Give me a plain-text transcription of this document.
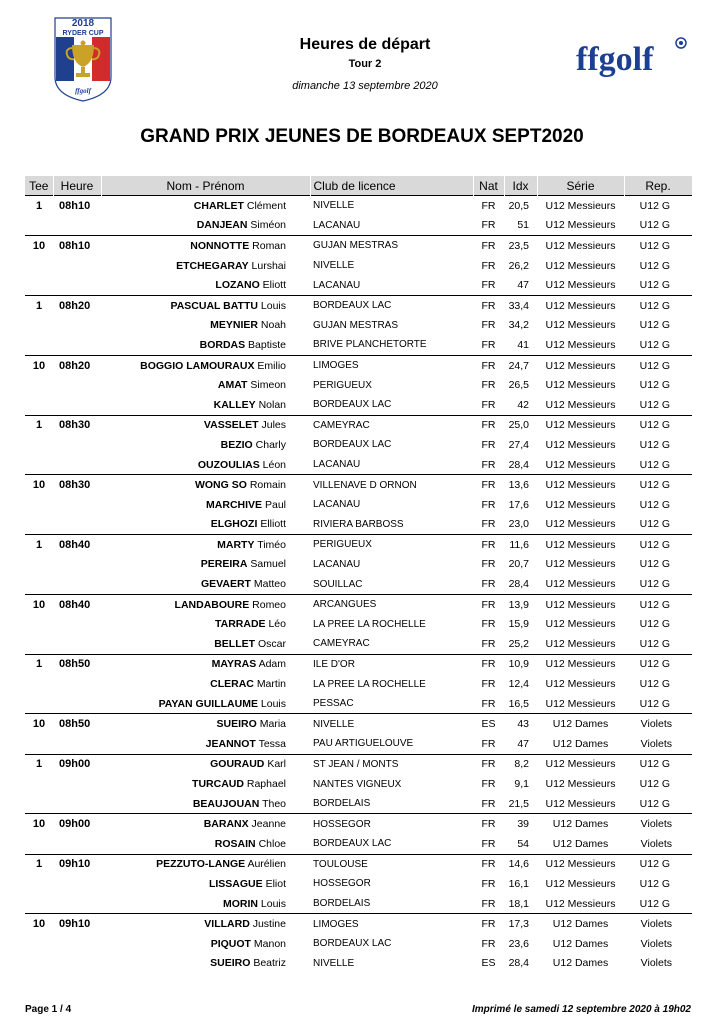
2018
RYDER CUP
ffgolf
ffgolf
Heures de départ
Tour 2
dimanche 13 septembre 2020
GRAND PRIX JEUNES DE BORDEAUX SEPT2020
Tee	Heure	Nom - Prénom	Club de licence	Nat	Idx	Série	Rep.
1	08h10	CHARLET Clément	NIVELLE	FR	20,5	U12 Messieurs	U12 G
		DANJEAN Siméon	LACANAU	FR	51	U12 Messieurs	U12 G
10	08h10	NONNOTTE Roman	GUJAN MESTRAS	FR	23,5	U12 Messieurs	U12 G
		ETCHEGARAY Lurshai	NIVELLE	FR	26,2	U12 Messieurs	U12 G
		LOZANO Eliott	LACANAU	FR	47	U12 Messieurs	U12 G
1	08h20	PASCUAL BATTU Louis	BORDEAUX LAC	FR	33,4	U12 Messieurs	U12 G
		MEYNIER Noah	GUJAN MESTRAS	FR	34,2	U12 Messieurs	U12 G
		BORDAS Baptiste	BRIVE PLANCHETORTE	FR	41	U12 Messieurs	U12 G
10	08h20	BOGGIO LAMOURAUX Emilio	LIMOGES	FR	24,7	U12 Messieurs	U12 G
		AMAT Simeon	PERIGUEUX	FR	26,5	U12 Messieurs	U12 G
		KALLEY Nolan	BORDEAUX LAC	FR	42	U12 Messieurs	U12 G
1	08h30	VASSELET Jules	CAMEYRAC	FR	25,0	U12 Messieurs	U12 G
		BEZIO Charly	BORDEAUX LAC	FR	27,4	U12 Messieurs	U12 G
		OUZOULIAS Léon	LACANAU	FR	28,4	U12 Messieurs	U12 G
10	08h30	WONG SO Romain	VILLENAVE D ORNON	FR	13,6	U12 Messieurs	U12 G
		MARCHIVE Paul	LACANAU	FR	17,6	U12 Messieurs	U12 G
		ELGHOZI Elliott	RIVIERA BARBOSS	FR	23,0	U12 Messieurs	U12 G
1	08h40	MARTY Timéo	PERIGUEUX	FR	11,6	U12 Messieurs	U12 G
		PEREIRA Samuel	LACANAU	FR	20,7	U12 Messieurs	U12 G
		GEVAERT Matteo	SOUILLAC	FR	28,4	U12 Messieurs	U12 G
10	08h40	LANDABOURE Romeo	ARCANGUES	FR	13,9	U12 Messieurs	U12 G
		TARRADE Léo	LA PREE LA ROCHELLE	FR	15,9	U12 Messieurs	U12 G
		BELLET Oscar	CAMEYRAC	FR	25,2	U12 Messieurs	U12 G
1	08h50	MAYRAS Adam	ILE D'OR	FR	10,9	U12 Messieurs	U12 G
		CLERAC Martin	LA PREE LA ROCHELLE	FR	12,4	U12 Messieurs	U12 G
		PAYAN GUILLAUME Louis	PESSAC	FR	16,5	U12 Messieurs	U12 G
10	08h50	SUEIRO Maria	NIVELLE	ES	43	U12 Dames	Violets
		JEANNOT Tessa	PAU ARTIGUELOUVE	FR	47	U12 Dames	Violets
1	09h00	GOURAUD Karl	ST JEAN / MONTS	FR	8,2	U12 Messieurs	U12 G
		TURCAUD Raphael	NANTES VIGNEUX	FR	9,1	U12 Messieurs	U12 G
		BEAUJOUAN Theo	BORDELAIS	FR	21,5	U12 Messieurs	U12 G
10	09h00	BARANX Jeanne	HOSSEGOR	FR	39	U12 Dames	Violets
		ROSAIN Chloe	BORDEAUX LAC	FR	54	U12 Dames	Violets
1	09h10	PEZZUTO-LANGE Aurélien	TOULOUSE	FR	14,6	U12 Messieurs	U12 G
		LISSAGUE Eliot	HOSSEGOR	FR	16,1	U12 Messieurs	U12 G
		MORIN Louis	BORDELAIS	FR	18,1	U12 Messieurs	U12 G
10	09h10	VILLARD Justine	LIMOGES	FR	17,3	U12 Dames	Violets
		PIQUOT Manon	BORDEAUX LAC	FR	23,6	U12 Dames	Violets
		SUEIRO Beatriz	NIVELLE	ES	28,4	U12 Dames	Violets
Page 1 / 4	Imprimé le samedi 12 septembre 2020 à 19h02
